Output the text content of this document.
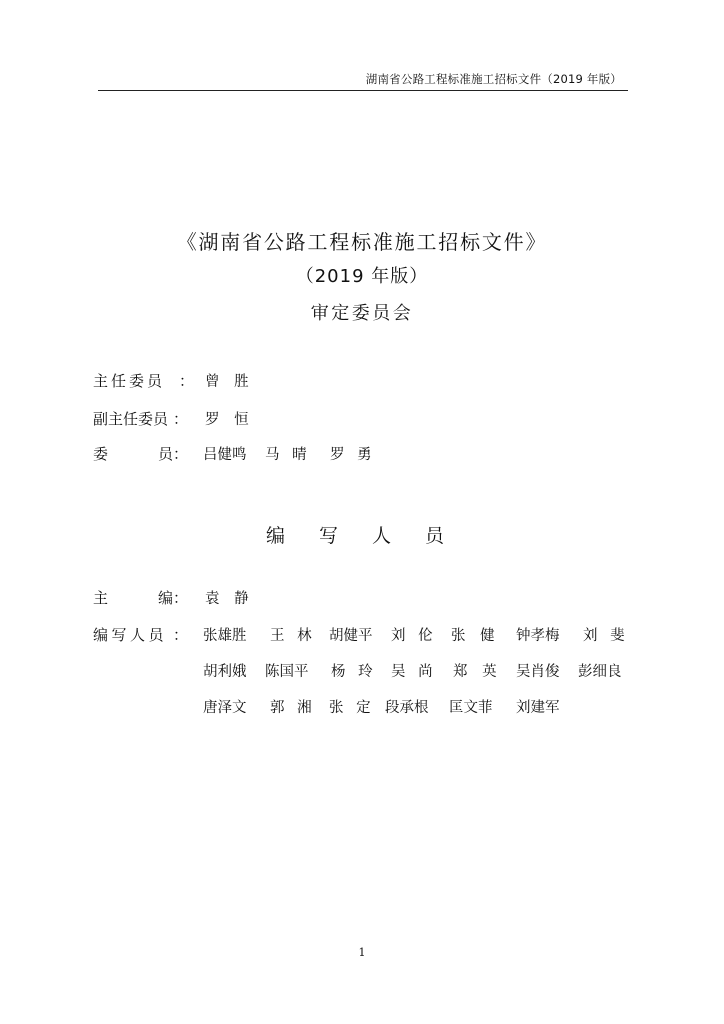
湖南省公路工程标准施工招标文件（2019 年版）
《湖南省公路工程标准施工招标文件》
（2019 年版）
审定委员会
主任委员 ： 曾 胜
副主任委员 ： 罗 恒
委	员 ： 吕健鸣 马 晴 罗 勇
编 写 人 员
主	编 ： 袁 静
编写人员 ： 张雄胜 王 林 胡健平 刘 伦 张 健 钟孝梅 刘 斐
胡利娥 陈国平 杨 玲 吴 尚 郑 英 吴肖俊 彭细良
唐泽文 郭 湘 张 定 段承根 匡文菲 刘建军
1
